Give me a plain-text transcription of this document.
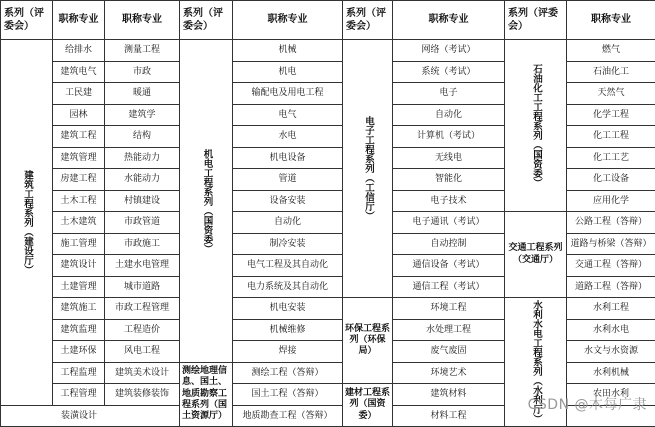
系列（评委会）	职称专业	职称专业	系列（评委会）	职称专业	系列（评委会）	职称专业	系列（评委会）	职称专业
建筑工程系列（建设厅）	给排水	测量工程	机电工程系列（国资委）	机械	电子工程系列（工信厅）	网络（考试）	石油化工工程系列（国资委）	燃气
	建筑电气	市政		机电		系统（考试）		石油化工
	工民建	暖通		输配电及用电工程		电子		天然气
	园林	建筑学		电气		自动化		化学工程
	建筑工程	结构		水电		计算机（考试）		化工工程
	建筑管理	热能动力		机电设备		无线电		化工工艺
	房建工程	水能动力		管道		智能化		化工设备
	土木工程	村镇建设		设备安装		电子技术		应用化学
	土木建筑	市政管道		自动化		电子通讯（考试）	交通工程系列（交通厅）	公路工程（答辩）
	施工管理	市政施工		制冷安装		自动控制		道路与桥梁（答辩）
	建筑设计	土建水电管理		电气工程及其自动化		通信设备（考试）		交通工程（答辩）
	土建管理	城市道路		电力系统及其自动化		通信工程（考试）		道路工程（答辩）
	建筑施工	市政工程管理		机电安装	环保工程系列（环保局）	环境工程	水利水电工程系列（水利厅）	水利工程
	建筑监理	工程造价		机械维修		水处理工程		水利水电
	土建环保	风电工程		焊接		废气废固		水文与水资源
	工程监理	建筑美术设计	测绘地理信息、国土、地质勘察工程系列（国土资源厅）	测绘工程（答辩）		环境艺术		水利机械
	工程管理	建筑装修装饰		国土工程（答辩）	建材工程系列（国资委）	建筑材料		农田水利
装潢设计				地质勘查工程（答辩）		材料工程		
CSDN @木每广隶
